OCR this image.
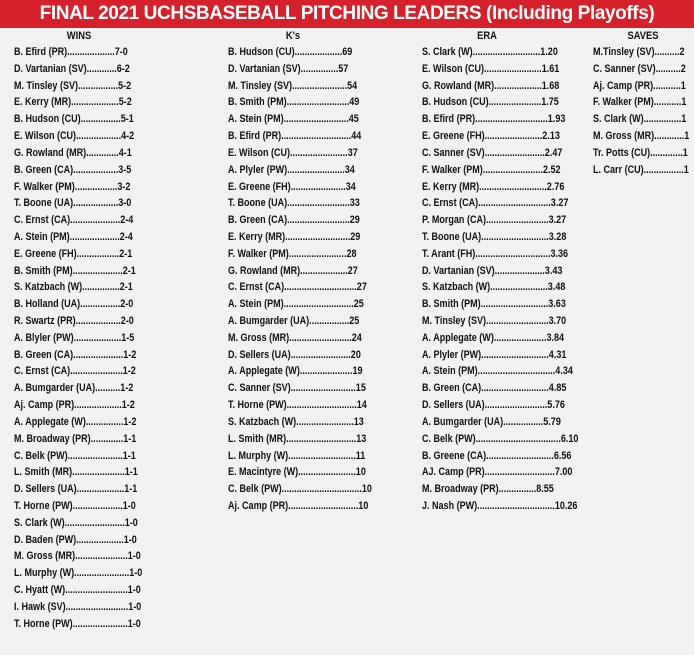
FINAL 2021 UCHSBASEBALL PITCHING LEADERS (Including Playoffs)
WINS
B. Efird (PR)...................7-0
D. Vartanian (SV)............6-2
M. Tinsley (SV)................5-2
E. Kerry (MR)...................5-2
B. Hudson (CU)................5-1
E. Wilson (CU)..................4-2
G. Rowland (MR).............4-1
B. Green (CA)..................3-5
F. Walker (PM).................3-2
T. Boone (UA)..................3-0
C. Ernst (CA)....................2-4
A. Stein (PM)....................2-4
E. Greene (FH).................2-1
B. Smith (PM)....................2-1
S. Katzbach (W)...............2-1
B. Holland (UA)................2-0
R. Swartz (PR)..................2-0
A. Blyler (PW)...................1-5
B. Green (CA)....................1-2
C. Ernst (CA).....................1-2
A. Bumgarder (UA)..........1-2
Aj. Camp (PR)...................1-2
A. Applegate (W)...............1-2
M. Broadway (PR).............1-1
C. Belk (PW)......................1-1
L. Smith (MR).....................1-1
D. Sellers (UA)...................1-1
T. Horne (PW)....................1-0
S. Clark (W)........................1-0
D. Baden (PW)...................1-0
M. Gross (MR).....................1-0
L. Murphy (W)......................1-0
C. Hyatt (W).........................1-0
I. Hawk (SV).........................1-0
T. Horne (PW)......................1-0
K's
B. Hudson (CU)...................69
D. Vartanian (SV)...............57
M. Tinsley (SV)......................54
B. Smith (PM).........................49
A. Stein (PM)..........................45
B. Efird (PR)............................44
E. Wilson (CU).......................37
A. Plyler (PW).......................34
E. Greene (FH)......................34
T. Boone (UA).........................33
B. Green (CA).........................29
E. Kerry (MR)..........................29
F. Walker (PM).......................28
G. Rowland (MR)...................27
C. Ernst (CA).............................27
A. Stein (PM)............................25
A. Bumgarder (UA)................25
M. Gross (MR).........................24
D. Sellers (UA)........................20
A. Applegate (W).....................19
C. Sanner (SV)..........................15
T. Horne (PW)............................14
S. Katzbach (W).......................13
L. Smith (MR)............................13
L. Murphy (W)...........................11
E. Macintyre (W).......................10
C. Belk (PW)................................10
Aj. Camp (PR)............................10
ERA
S. Clark (W)...........................1.20
E. Wilson (CU).......................1.61
G. Rowland (MR)...................1.68
B. Hudson (CU).....................1.75
B. Efird (PR).............................1.93
E. Greene (FH).......................2.13
C. Sanner (SV)........................2.47
F. Walker (PM)........................2.52
E. Kerry (MR)...........................2.76
C. Ernst (CA).............................3.27
P. Morgan (CA).........................3.27
T. Boone (UA)...........................3.28
T. Arant (FH)..............................3.36
D. Vartanian (SV)....................3.43
S. Katzbach (W).......................3.48
B. Smith (PM)...........................3.63
M. Tinsley (SV).........................3.70
A. Applegate (W).....................3.84
A. Plyler (PW)...........................4.31
A. Stein (PM)...............................4.34
B. Green (CA)...........................4.85
D. Sellers (UA).........................5.76
A. Bumgarder (UA)................5.79
C. Belk (PW)..................................6.10
B. Greene (CA)...........................6.56
AJ. Camp (PR)............................7.00
M. Broadway (PR)...............8.55
J. Nash (PW)...............................10.26
SAVES
M.Tinsley (SV)..........2
C. Sanner (SV)..........2
Aj. Camp (PR)...........1
F. Walker (PM)...........1
S. Clark (W)...............1
M. Gross (MR)............1
Tr. Potts (CU).............1
L. Carr (CU)................1
